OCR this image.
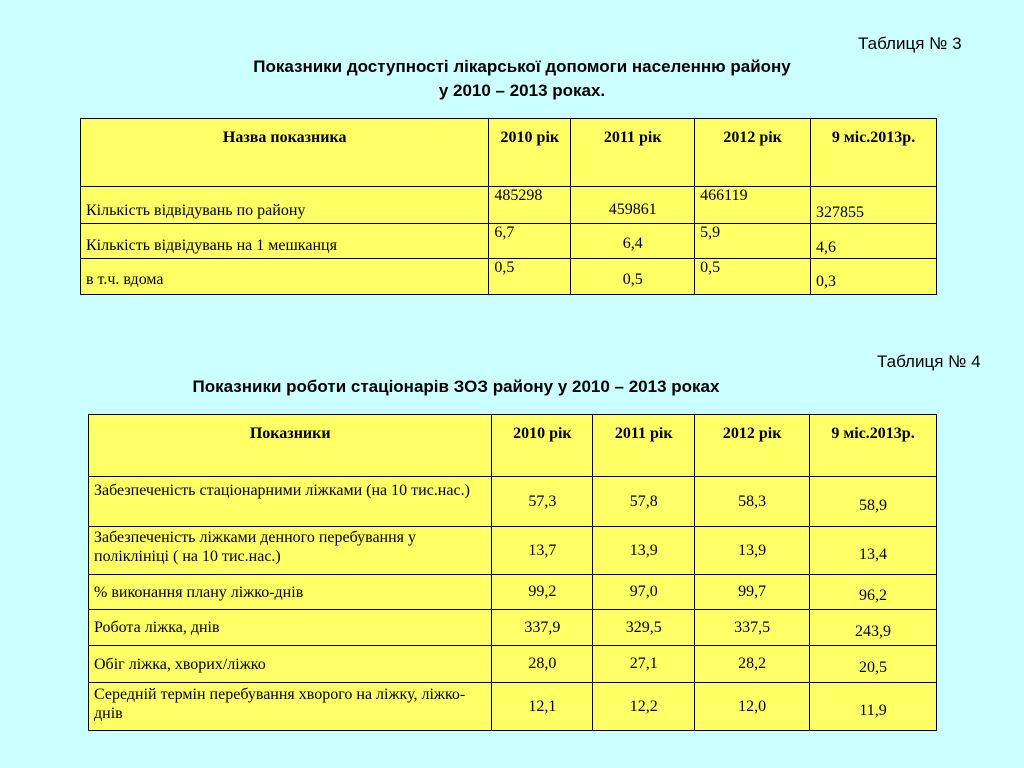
Таблиця № 3
Показники доступності лікарської допомоги населенню району
у 2010 – 2013 роках.
Назва показника	2010 рік	2011 рік	2012 рік	9 міс.2013р.
Кількість відвідувань по району	485298	459861	466119	327855
Кількість відвідувань на 1 мешканця	6,7	6,4	5,9	4,6
в т.ч. вдома	0,5	0,5	0,5	0,3
Таблиця № 4
Показники роботи стаціонарів ЗОЗ району у 2010 – 2013 роках
Показники	2010 рік	2011 рік	2012 рік	9 міс.2013р.
Забезпеченість стаціонарними ліжками (на 10 тис.нас.)	57,3	57,8	58,3	58,9
Забезпеченість ліжками денного перебування у поліклініці ( на 10 тис.нас.)	13,7	13,9	13,9	13,4
% виконання плану ліжко-днів	99,2	97,0	99,7	96,2
Робота ліжка, днів	337,9	329,5	337,5	243,9
Обіг ліжка, хворих/ліжко	28,0	27,1	28,2	20,5
Середній термін перебування хворого на ліжку, ліжко-днів	12,1	12,2	12,0	11,9
